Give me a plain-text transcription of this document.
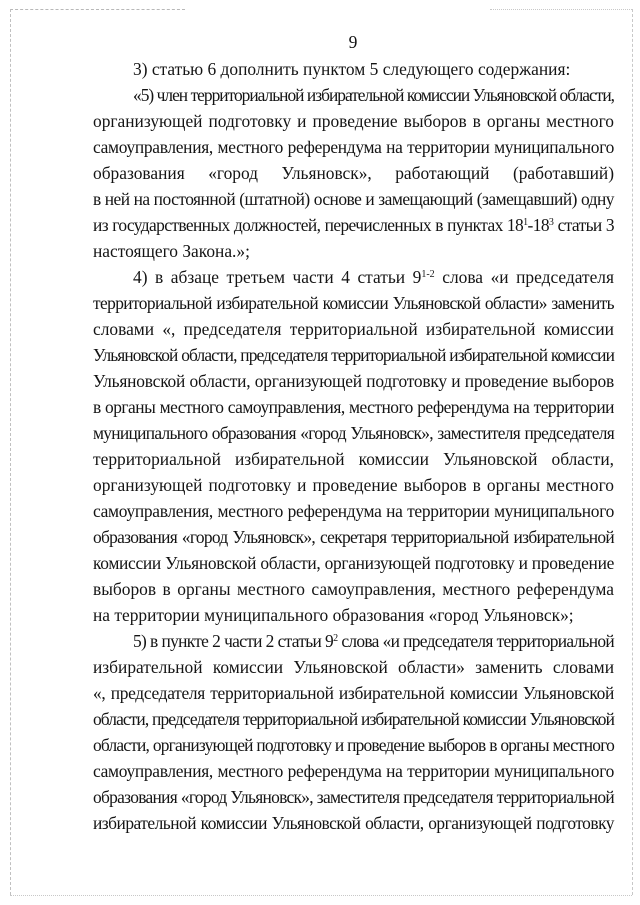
9
3) статью 6 дополнить пунктом 5 следующего содержания:
«5) член территориальной избирательной комиссии Ульяновской области,
организующей подготовку и проведение выборов в органы местного
самоуправления, местного референдума на территории муниципального
образования «город Ульяновск», работающий (работавший)
в ней на постоянной (штатной) основе и замещающий (замещавший) одну
из государственных должностей, перечисленных в пунктах $18^1-18^3$ статьи 3
настоящего Закона.»;
4) в абзаце третьем части 4 статьи 9$^{1-2}$ слова «и председателя
территориальной избирательной комиссии Ульяновской области» заменить
словами «, председателя территориальной избирательной комиссии
Ульяновской области, председателя территориальной избирательной комиссии
Ульяновской области, организующей подготовку и проведение выборов
в органы местного самоуправления, местного референдума на территории
муниципального образования «город Ульяновск», заместителя председателя
территориальной избирательной комиссии Ульяновской области,
организующей подготовку и проведение выборов в органы местного
самоуправления, местного референдума на территории муниципального
образования «город Ульяновск», секретаря территориальной избирательной
комиссии Ульяновской области, организующей подготовку и проведение
выборов в органы местного самоуправления, местного референдума
на территории муниципального образования «город Ульяновск»;
5) в пункте 2 части 2 статьи $9^2$ слова «и председателя территориальной
избирательной комиссии Ульяновской области» заменить словами
«, председателя территориальной избирательной комиссии Ульяновской
области, председателя территориальной избирательной комиссии Ульяновской
области, организующей подготовку и проведение выборов в органы местного
самоуправления, местного референдума на территории муниципального
образования «город Ульяновск», заместителя председателя территориальной
избирательной комиссии Ульяновской области, организующей подготовку
